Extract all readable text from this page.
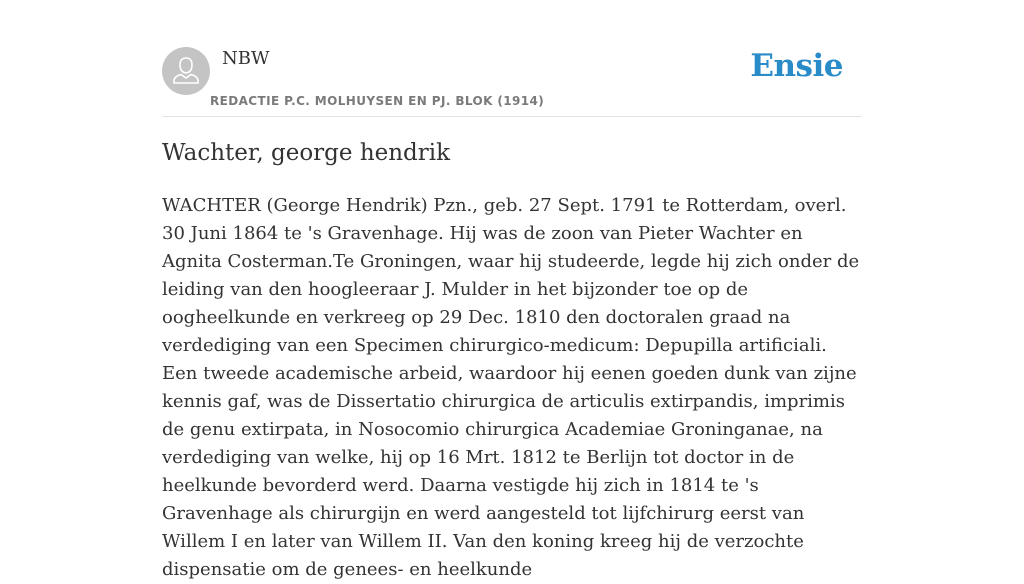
NBW
REDACTIE P.C. MOLHUYSEN EN PJ. BLOK (1914)
Ensie
Wachter, george hendrik

WACHTER (George Hendrik) Pzn., geb. 27 Sept. 1791 te Rotterdam, overl. 30 Juni 1864 te 's Gravenhage. Hij was de zoon van Pieter Wachter en Agnita Costerman.Te Groningen, waar hij studeerde, legde hij zich onder de leiding van den hoogleeraar J. Mulder in het bijzonder toe op de oogheelkunde en verkreeg op 29 Dec. 1810 den doctoralen graad na verdediging van een Specimen chirurgico-medicum: Depupilla artificiali. Een tweede academische arbeid, waardoor hij eenen goeden dunk van zijne kennis gaf, was de Dissertatio chirurgica de articulis extirpandis, imprimis de genu extirpata, in Nosocomio chirurgica Academiae Groninganae, na verdediging van welke, hij op 16 Mrt. 1812 te Berlijn tot doctor in de heelkunde bevorderd werd. Daarna vestigde hij zich in 1814 te 's Gravenhage als chirurgijn en werd aangesteld tot lijfchirurg eerst van Willem I en later van Willem II. Van den koning kreeg hij de verzochte dispensatie om de genees- en heelkunde
